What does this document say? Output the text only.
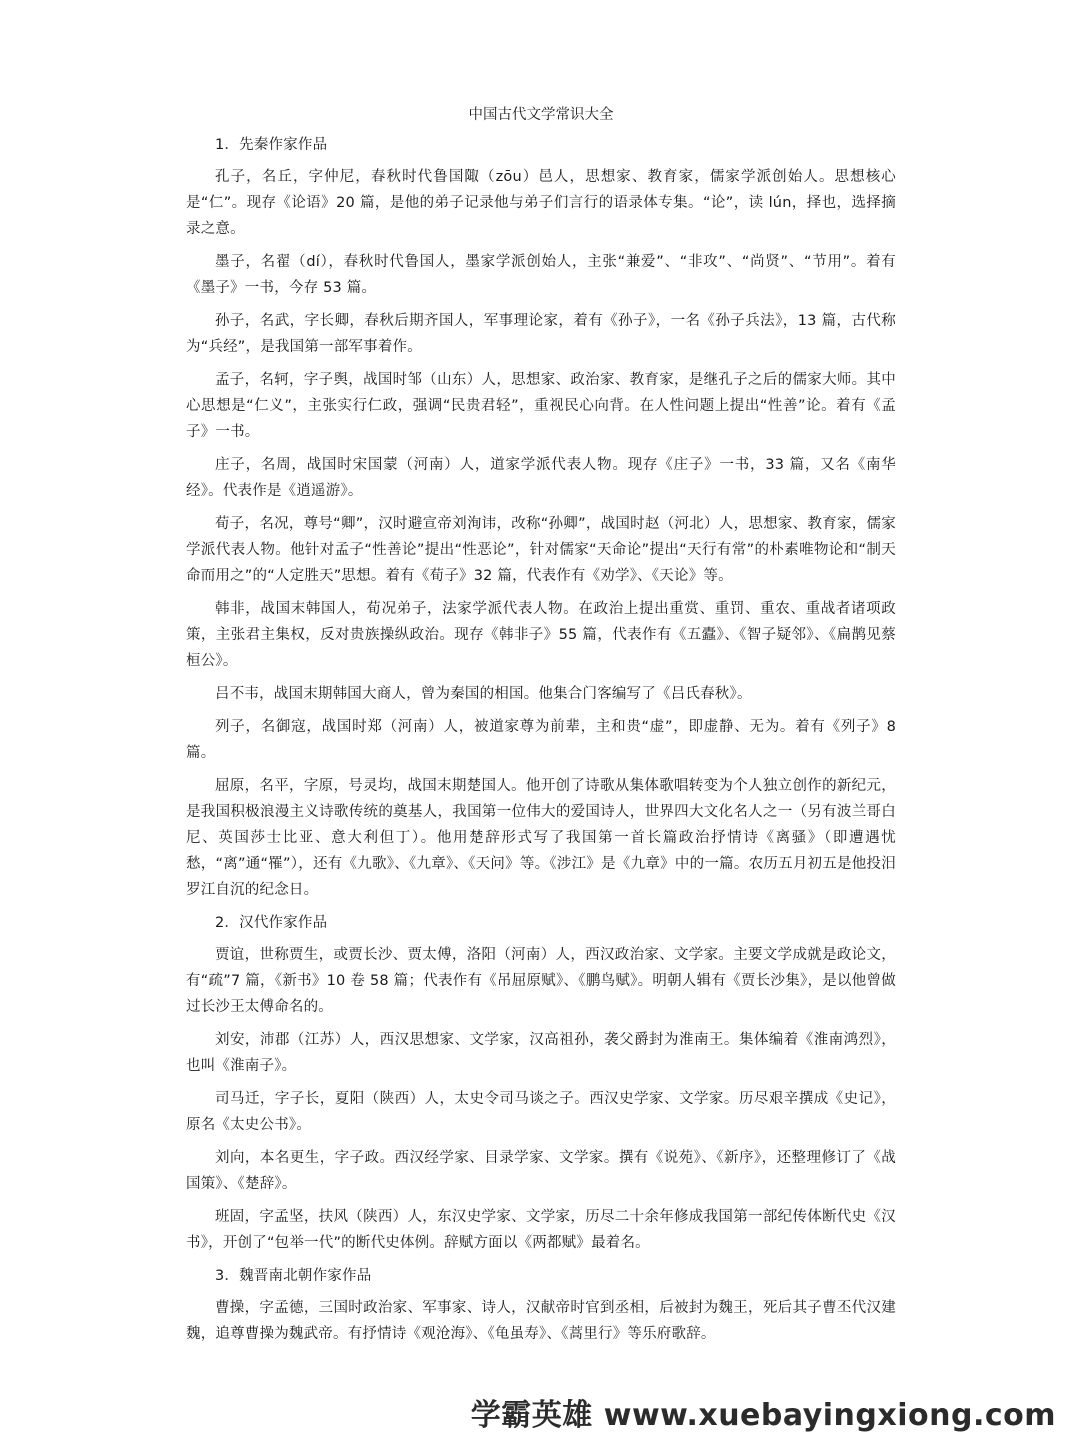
中国古代文学常识大全

1．先秦作家作品

孔子，名丘，字仲尼，春秋时代鲁国陬（zōu）邑人，思想家、教育家，儒家学派创始人。思想核心是“仁”。现存《论语》20 篇，是他的弟子记录他与弟子们言行的语录体专集。“论”，读 lún，择也，选择摘录之意。

墨子，名翟（dí），春秋时代鲁国人，墨家学派创始人，主张“兼爱”、“非攻”、“尚贤”、“节用”。着有《墨子》一书，今存 53 篇。

孙子，名武，字长卿，春秋后期齐国人，军事理论家，着有《孙子》，一名《孙子兵法》，13 篇，古代称为“兵经”，是我国第一部军事着作。

孟子，名轲，字子舆，战国时邹（山东）人，思想家、政治家、教育家，是继孔子之后的儒家大师。其中心思想是“仁义”，主张实行仁政，强调“民贵君轻”，重视民心向背。在人性问题上提出“性善”论。着有《孟子》一书。

庄子，名周，战国时宋国蒙（河南）人，道家学派代表人物。现存《庄子》一书，33 篇，又名《南华经》。代表作是《逍遥游》。

荀子，名况，尊号“卿”，汉时避宣帝刘洵讳，改称“孙卿”，战国时赵（河北）人，思想家、教育家，儒家学派代表人物。他针对孟子“性善论”提出“性恶论”，针对儒家“天命论”提出“天行有常”的朴素唯物论和“制天命而用之”的“人定胜天”思想。着有《荀子》32 篇，代表作有《劝学》、《天论》等。

韩非，战国末韩国人，荀况弟子，法家学派代表人物。在政治上提出重赏、重罚、重农、重战者诸项政策，主张君主集权，反对贵族操纵政治。现存《韩非子》55 篇，代表作有《五蠹》、《智子疑邻》、《扁鹊见蔡桓公》。

吕不韦，战国末期韩国大商人，曾为秦国的相国。他集合门客编写了《吕氏春秋》。

列子，名御寇，战国时郑（河南）人，被道家尊为前辈，主和贵“虚”，即虚静、无为。着有《列子》8 篇。

屈原，名平，字原，号灵均，战国末期楚国人。他开创了诗歌从集体歌唱转变为个人独立创作的新纪元，是我国积极浪漫主义诗歌传统的奠基人，我国第一位伟大的爱国诗人，世界四大文化名人之一（另有波兰哥白尼、英国莎士比亚、意大利但丁）。他用楚辞形式写了我国第一首长篇政治抒情诗《离骚》（即遭遇忧愁，“离”通“罹”），还有《九歌》、《九章》、《天问》等。《涉江》是《九章》中的一篇。农历五月初五是他投汨罗江自沉的纪念日。

2．汉代作家作品

贾谊，世称贾生，或贾长沙、贾太傅，洛阳（河南）人，西汉政治家、文学家。主要文学成就是政论文，有“疏”7 篇，《新书》10 卷 58 篇；代表作有《吊屈原赋》、《鹏鸟赋》。明朝人辑有《贾长沙集》，是以他曾做过长沙王太傅命名的。

刘安，沛郡（江苏）人，西汉思想家、文学家，汉高祖孙，袭父爵封为淮南王。集体编着《淮南鸿烈》，也叫《淮南子》。

司马迁，字子长，夏阳（陕西）人，太史令司马谈之子。西汉史学家、文学家。历尽艰辛撰成《史记》，原名《太史公书》。

刘向，本名更生，字子政。西汉经学家、目录学家、文学家。撰有《说苑》、《新序》，还整理修订了《战国策》、《楚辞》。

班固，字孟坚，扶风（陕西）人，东汉史学家、文学家，历尽二十余年修成我国第一部纪传体断代史《汉书》，开创了“包举一代”的断代史体例。辞赋方面以《两都赋》最着名。

3．魏晋南北朝作家作品

曹操，字孟德，三国时政治家、军事家、诗人，汉献帝时官到丞相，后被封为魏王，死后其子曹丕代汉建魏，追尊曹操为魏武帝。有抒情诗《观沧海》、《龟虽寿》、《蒿里行》等乐府歌辞。

学霸英雄 www.xuebayingxiong.com
